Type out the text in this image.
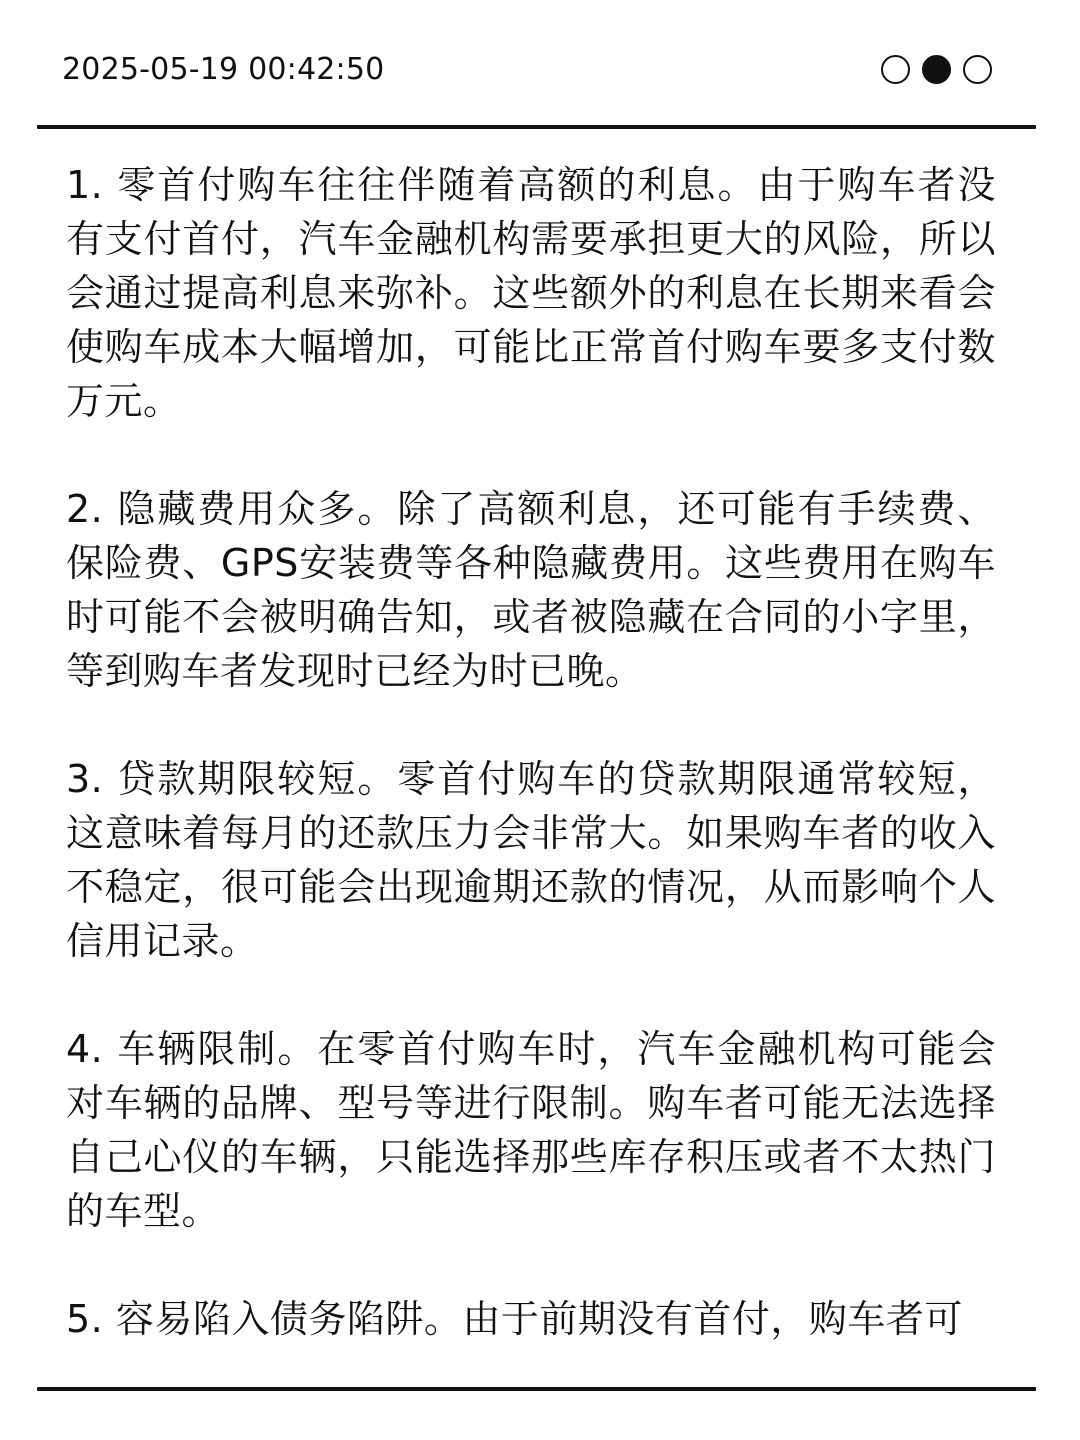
2025-05-19 00:42:50

1. 零首付购车往往伴随着高额的利息。由于购车者没有支付首付，汽车金融机构需要承担更大的风险，所以会通过提高利息来弥补。这些额外的利息在长期来看会使购车成本大幅增加，可能比正常首付购车要多支付数万元。

2. 隐藏费用众多。除了高额利息，还可能有手续费、保险费、GPS安装费等各种隐藏费用。这些费用在购车时可能不会被明确告知，或者被隐藏在合同的小字里，等到购车者发现时已经为时已晚。

3. 贷款期限较短。零首付购车的贷款期限通常较短，这意味着每月的还款压力会非常大。如果购车者的收入不稳定，很可能会出现逾期还款的情况，从而影响个人信用记录。

4. 车辆限制。在零首付购车时，汽车金融机构可能会对车辆的品牌、型号等进行限制。购车者可能无法选择自己心仪的车辆，只能选择那些库存积压或者不太热门的车型。

5. 容易陷入债务陷阱。由于前期没有首付，购车者可
